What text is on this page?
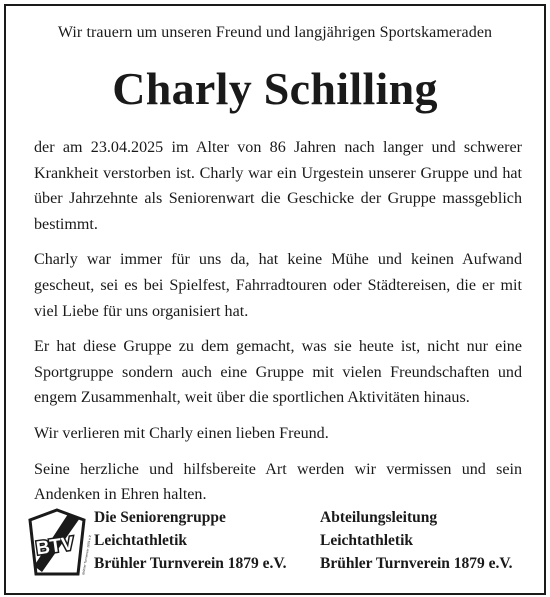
Wir trauern um unseren Freund und langjährigen Sportskameraden
Charly Schilling

der am 23.04.2025 im Alter von 86 Jahren nach langer und schwerer Krankheit verstorben ist. Charly war ein Urgestein unserer Gruppe und hat über Jahrzehnte als Seniorenwart die Geschicke der Gruppe massgeblich bestimmt.

Charly war immer für uns da, hat keine Mühe und keinen Aufwand gescheut, sei es bei Spielfest, Fahrradtouren oder Städtereisen, die er mit viel Liebe für uns organisiert hat.

Er hat diese Gruppe zu dem gemacht, was sie heute ist, nicht nur eine Sportgruppe sondern auch eine Gruppe mit vielen Freundschaften und engem Zusammenhalt, weit über die sportlichen Aktivitäten hinaus.

Wir verlieren mit Charly einen lieben Freund.

Seine herzliche und hilfsbereite Art werden wir vermissen und sein Andenken in Ehren halten.

BTV Brühler Turnverein 1879 e.V.
Die Seniorengruppe
Leichtathletik
Brühler Turnverein 1879 e.V.
Abteilungsleitung
Leichtathletik
Brühler Turnverein 1879 e.V.
